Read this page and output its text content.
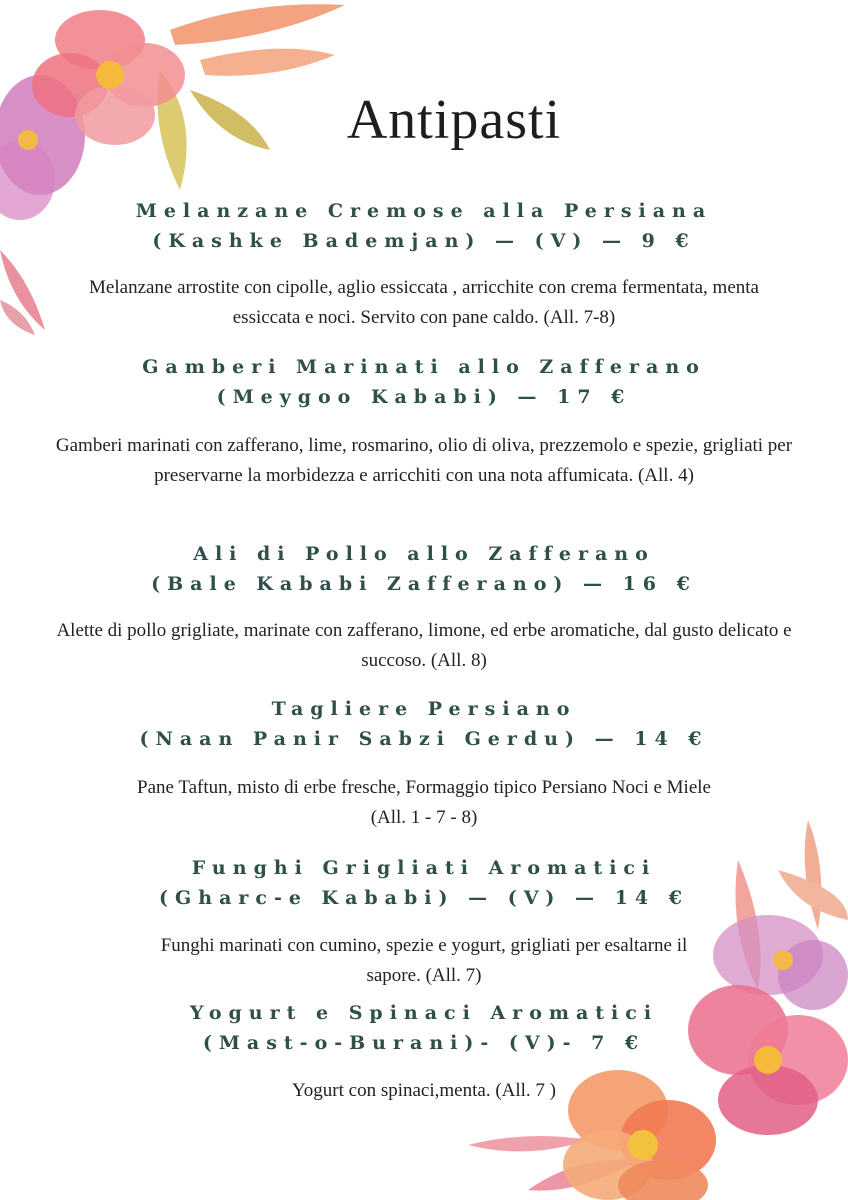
Antipasti
Melanzane Cremose alla Persiana
(Kashke Bademjan) — (V) — 9 €
Melanzane arrostite con cipolle, aglio essiccata , arricchite con crema fermentata, menta essiccata e noci. Servito con pane caldo. (All. 7-8)
Gamberi Marinati allo Zafferano
(Meygoo Kababi) — 17 €
Gamberi marinati con zafferano, lime, rosmarino, olio di oliva, prezzemolo e spezie, grigliati per preservarne la morbidezza e arricchiti con una nota affumicata. (All. 4)
Ali di Pollo allo Zafferano
(Bale Kababi Zafferano) — 16 €
Alette di pollo grigliate, marinate con zafferano, limone, ed erbe aromatiche, dal gusto delicato e succoso. (All. 8)
Tagliere Persiano
(Naan Panir Sabzi Gerdu) — 14 €
Pane Taftun, misto di erbe fresche, Formaggio tipico Persiano Noci e Miele (All. 1 - 7 - 8)
Funghi Grigliati Aromatici
(Gharc-e Kababi) — (V) — 14 €
Funghi marinati con cumino, spezie e yogurt, grigliati per esaltarne il sapore. (All. 7)
Yogurt e Spinaci Aromatici
(Mast-o-Burani)- (V)- 7 €
Yogurt con spinaci,menta. (All. 7 )
